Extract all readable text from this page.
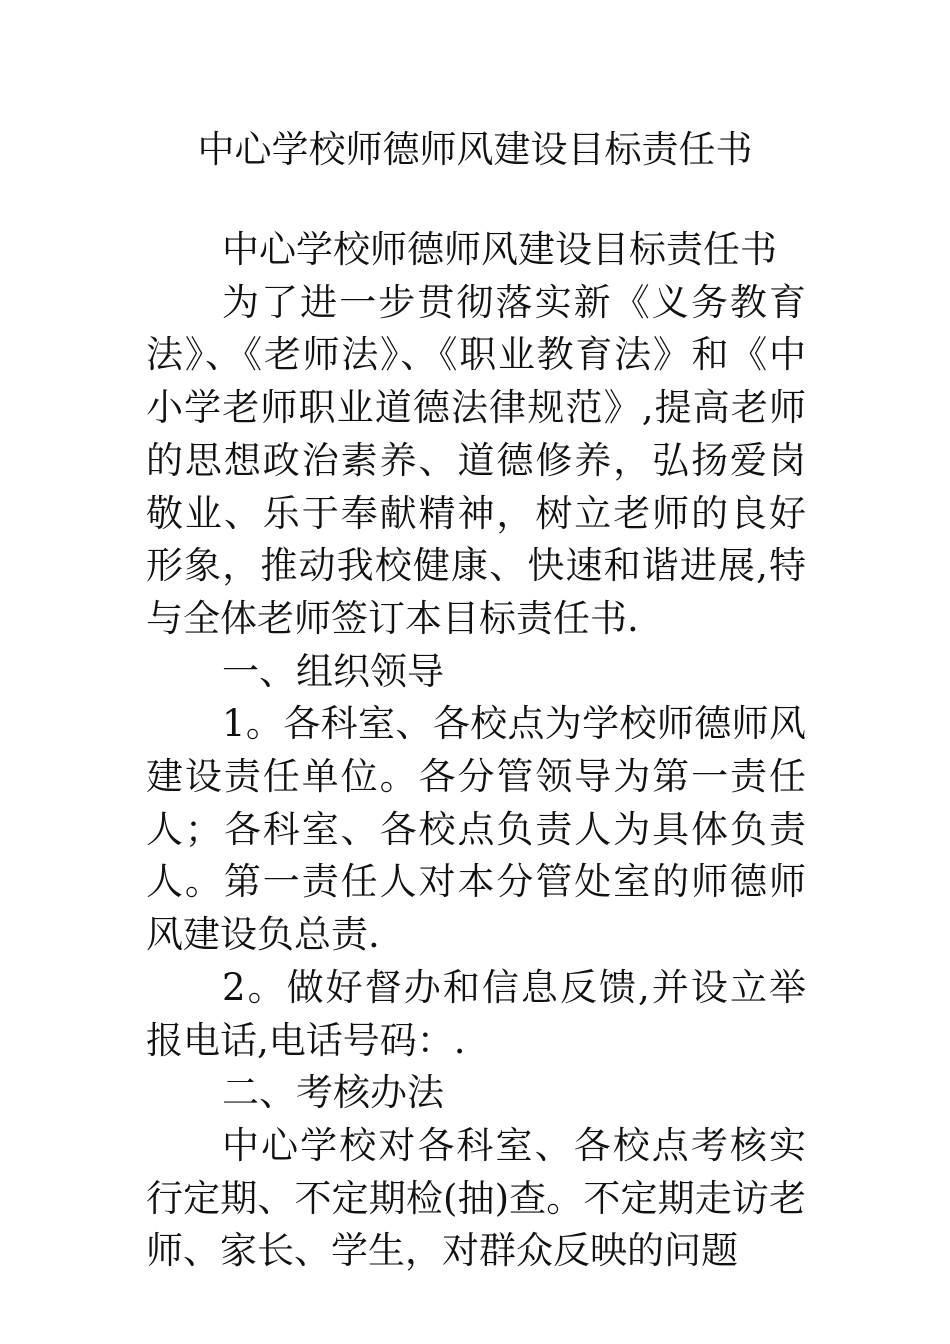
中心学校师德师风建设目标责任书

中心学校师德师风建设目标责任书

为了进一步贯彻落实新《义务教育法》、《老师法》、《职业教育法》和《中小学老师职业道德法律规范》,提高老师的思想政治素养、道德修养，弘扬爱岗敬业、乐于奉献精神，树立老师的良好形象，推动我校健康、快速和谐进展,特与全体老师签订本目标责任书.

一、组织领导

1。各科室、各校点为学校师德师风建设责任单位。各分管领导为第一责任人；各科室、各校点负责人为具体负责人。第一责任人对本分管处室的师德师风建设负总责.

2。做好督办和信息反馈,并设立举报电话,电话号码：.

二、考核办法

中心学校对各科室、各校点考核实行定期、不定期检(抽)查。不定期走访老师、家长、学生，对群众反映的问题
